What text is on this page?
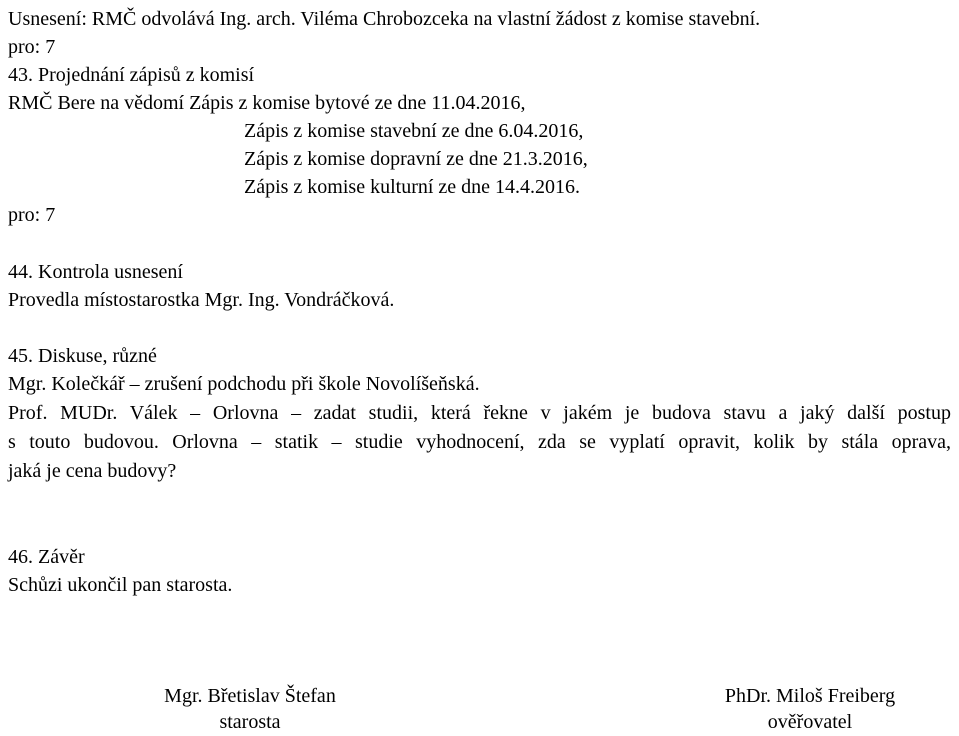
Usnesení: RMČ odvolává Ing. arch. Viléma Chrobozceka na vlastní žádost z komise stavební.
pro: 7
43. Projednání zápisů z komisí
RMČ Bere na vědomí Zápis z komise bytové ze dne 11.04.2016,
Zápis z komise stavební ze dne 6.04.2016,
Zápis z komise dopravní ze dne 21.3.2016,
Zápis z komise kulturní ze dne 14.4.2016.
pro: 7
44. Kontrola usnesení
Provedla místostarostka Mgr. Ing. Vondráčková.
45. Diskuse, různé
Mgr. Kolečkář – zrušení podchodu při škole Novolíšeňská.
Prof. MUDr. Válek – Orlovna – zadat studii, která řekne v jakém je budova stavu a jaký další postup
s touto budovou. Orlovna – statik – studie vyhodnocení, zda se vyplatí opravit, kolik by stála oprava,
jaká je cena budovy?
46. Závěr
Schůzi ukončil pan starosta.
Mgr. Břetislav Štefan
starosta
PhDr. Miloš Freiberg
ověřovatel
